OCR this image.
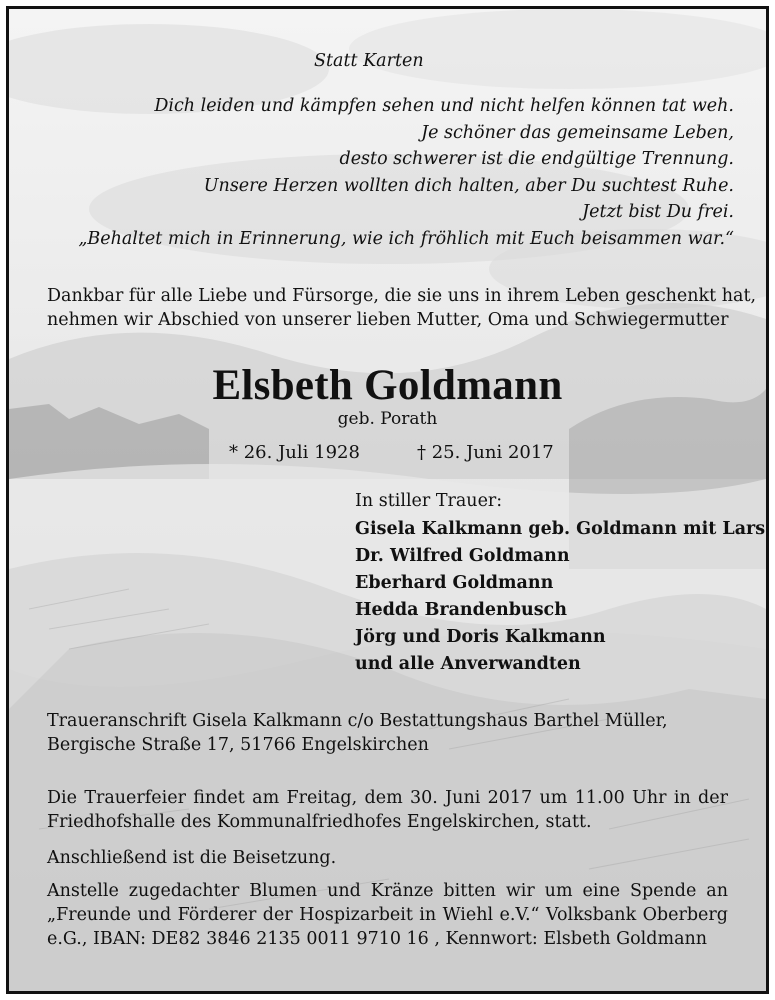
Statt Karten
Dich leiden und kämpfen sehen und nicht helfen können tat weh.
Je schöner das gemeinsame Leben,
desto schwerer ist die endgültige Trennung.
Unsere Herzen wollten dich halten, aber Du suchtest Ruhe.
Jetzt bist Du frei.
„Behaltet mich in Erinnerung, wie ich fröhlich mit Euch beisammen war.“
Dankbar für alle Liebe und Fürsorge, die sie uns in ihrem Leben geschenkt hat,
nehmen wir Abschied von unserer lieben Mutter, Oma und Schwiegermutter
Elsbeth Goldmann
geb. Porath
* 26. Juli 1928	† 25. Juni 2017
In stiller Trauer:
Gisela Kalkmann geb. Goldmann mit Lars
Dr. Wilfred Goldmann
Eberhard Goldmann
Hedda Brandenbusch
Jörg und Doris Kalkmann
und alle Anverwandten
Traueranschrift Gisela Kalkmann c/o Bestattungshaus Barthel Müller,
Bergische Straße 17, 51766 Engelskirchen
Die Trauerfeier findet am Freitag, dem 30. Juni 2017 um 11.00 Uhr in der Friedhofshalle des Kommunalfriedhofes Engelskirchen, statt.
Anschließend ist die Beisetzung.
Anstelle zugedachter Blumen und Kränze bitten wir um eine Spende an „Freunde und Förderer der Hospizarbeit in Wiehl e.V.“ Volksbank Oberberg e.G., IBAN: DE82 3846 2135 0011 9710 16 , Kennwort: Elsbeth Goldmann
